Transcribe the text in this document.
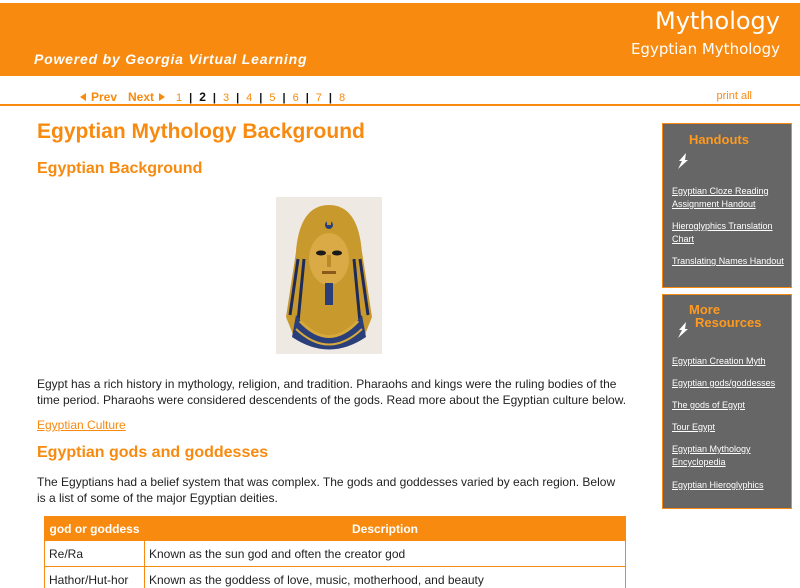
Mythology
Egyptian Mythology
Powered by Georgia Virtual Learning
Prev Next	1 | 2 | 3 | 4 | 5 | 6 | 7 | 8	print all
Egyptian Mythology Background
Egyptian Background
Egypt has a rich history in mythology, religion, and tradition. Pharaohs and kings were the ruling bodies of the time period. Pharaohs were considered descendents of the gods. Read more about the Egyptian culture below.
Egyptian Culture
Egyptian gods and goddesses
The Egyptians had a belief system that was complex. The gods and goddesses varied by each region. Below is a list of some of the major Egyptian deities.
god or goddess	Description
Re/Ra	Known as the sun god and often the creator god
Hathor/Hut-hor	Known as the goddess of love, music, motherhood, and beauty
Handouts
Egyptian Cloze Reading Assignment Handout
Hieroglyphics Translation Chart
Translating Names Handout
More
Resources
Egyptian Creation Myth
Egyptian gods/goddesses
The gods of Egypt
Tour Egypt
Egyptian Mythology Encyclopedia
Egyptian Hieroglyphics
